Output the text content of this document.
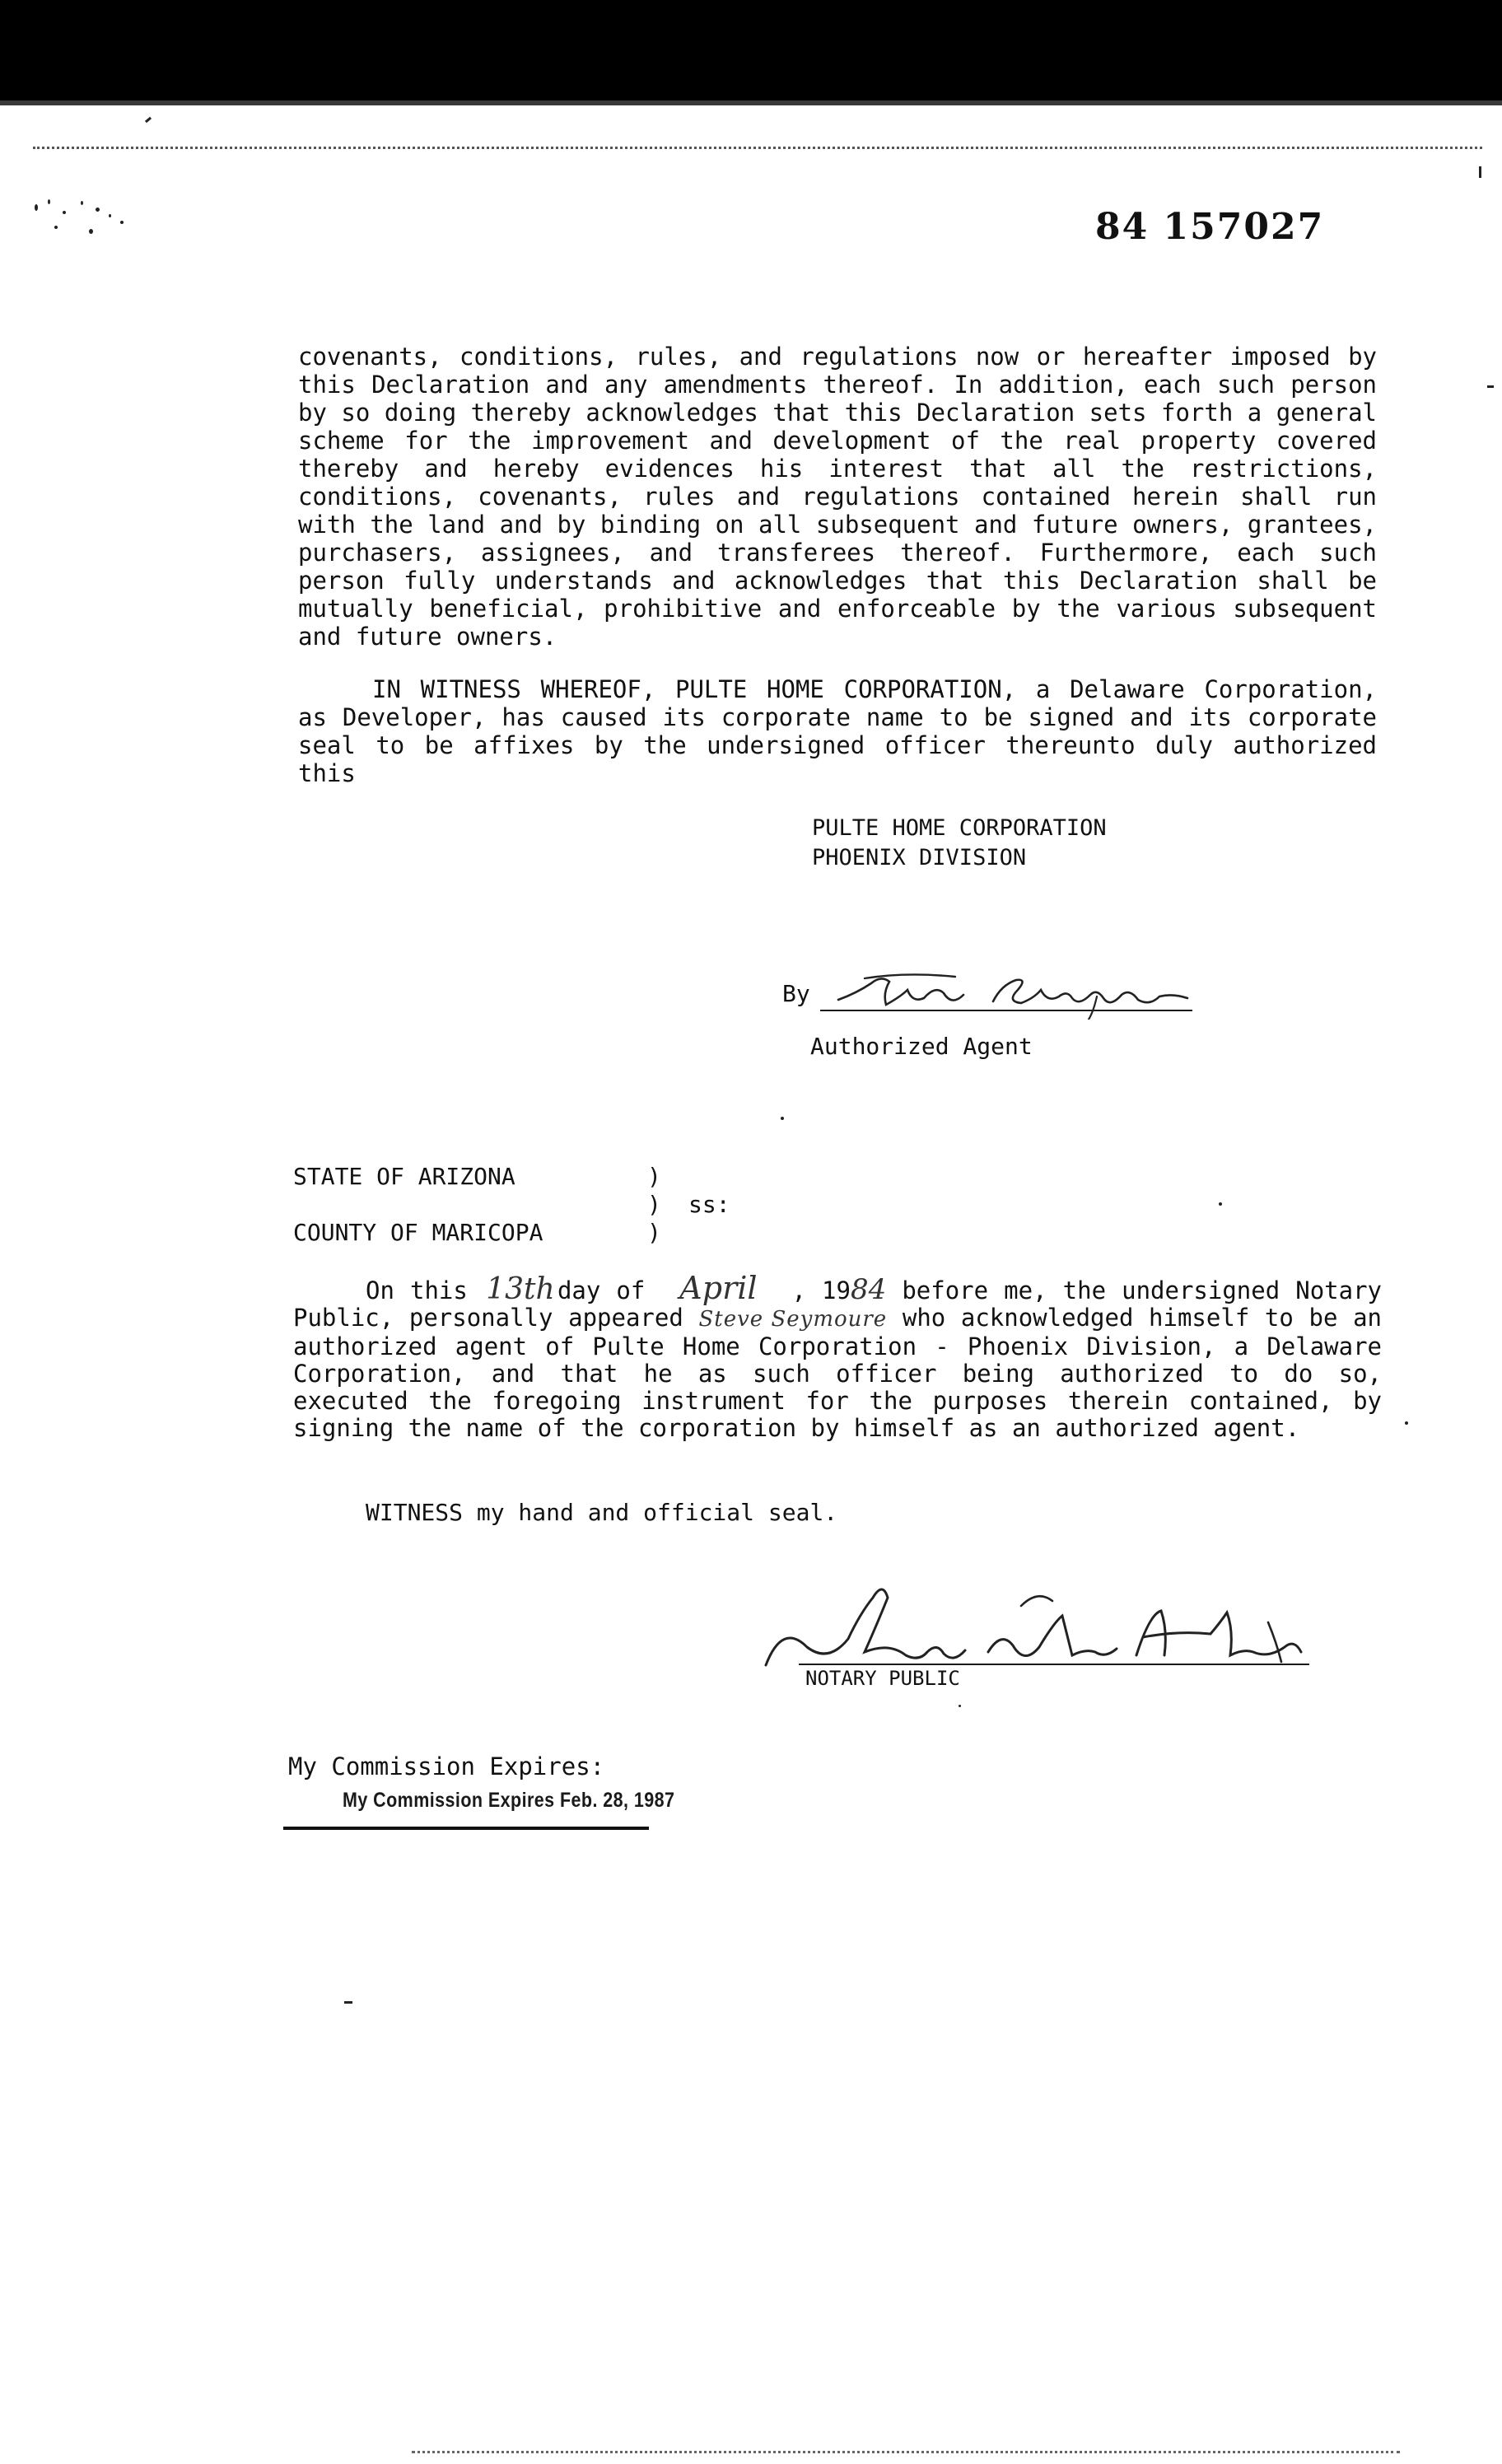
84 157027

covenants, conditions, rules, and regulations now or hereafter imposed by this Declaration and any amendments thereof. In addition, each such person by so doing thereby acknowledges that this Declaration sets forth a general scheme for the improvement and development of the real property covered thereby and hereby evidences his interest that all the restrictions, conditions, covenants, rules and regulations contained herein shall run with the land and by binding on all subsequent and future owners, grantees, purchasers, assignees, and transferees thereof. Furthermore, each such person fully understands and acknowledges that this Declaration shall be mutually beneficial, prohibitive and enforceable by the various subsequent and future owners.

IN WITNESS WHEREOF, PULTE HOME CORPORATION, a Delaware Corporation, as Developer, has caused its corporate name to be signed and its corporate seal to be affixes by the undersigned officer thereunto duly authorized this

PULTE HOME CORPORATION
PHOENIX DIVISION
By
Authorized Agent
STATE OF ARIZONA	)
) ss:
COUNTY OF MARICOPA	)

On this 13th day of April , 1984 before me, the undersigned Notary Public, personally appeared Steve Seymoure who acknowledged himself to be an authorized agent of Pulte Home Corporation - Phoenix Division, a Delaware Corporation, and that he as such officer being authorized to do so, executed the foregoing instrument for the purposes therein contained, by signing the name of the corporation by himself as an authorized agent.

WITNESS my hand and official seal.
NOTARY PUBLIC
My Commission Expires:
My Commission Expires Feb. 28, 1987
